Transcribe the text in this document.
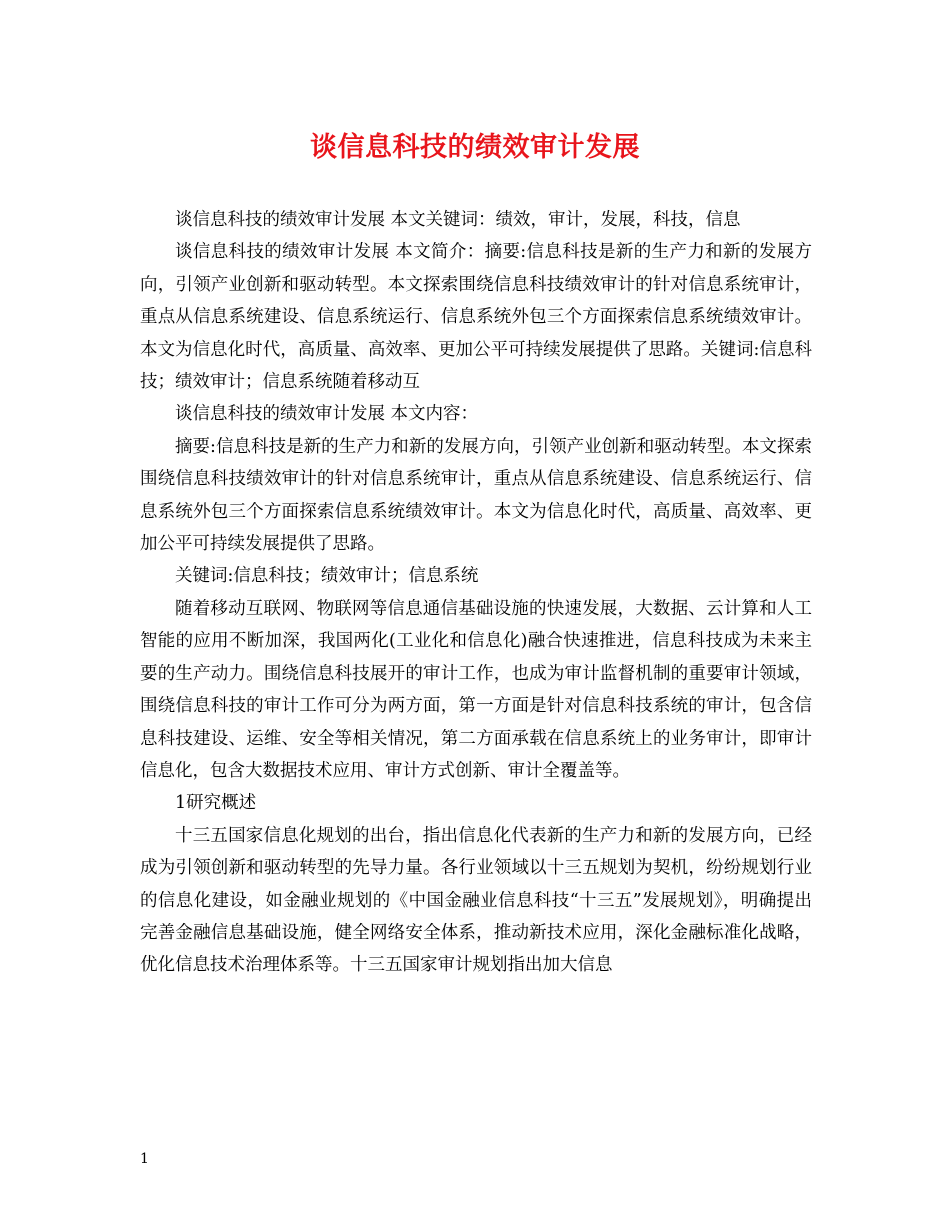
谈信息科技的绩效审计发展

谈信息科技的绩效审计发展 本文关键词：绩效，审计，发展，科技，信息

谈信息科技的绩效审计发展 本文简介：摘要:信息科技是新的生产力和新的发展方向，引领产业创新和驱动转型。本文探索围绕信息科技绩效审计的针对信息系统审计，重点从信息系统建设、信息系统运行、信息系统外包三个方面探索信息系统绩效审计。本文为信息化时代，高质量、高效率、更加公平可持续发展提供了思路。关键词:信息科技；绩效审计；信息系统随着移动互

谈信息科技的绩效审计发展 本文内容：

摘要:信息科技是新的生产力和新的发展方向，引领产业创新和驱动转型。本文探索围绕信息科技绩效审计的针对信息系统审计，重点从信息系统建设、信息系统运行、信息系统外包三个方面探索信息系统绩效审计。本文为信息化时代，高质量、高效率、更加公平可持续发展提供了思路。

关键词:信息科技；绩效审计；信息系统

随着移动互联网、物联网等信息通信基础设施的快速发展，大数据、云计算和人工智能的应用不断加深，我国两化(工业化和信息化)融合快速推进，信息科技成为未来主要的生产动力。围绕信息科技展开的审计工作，也成为审计监督机制的重要审计领域，围绕信息科技的审计工作可分为两方面，第一方面是针对信息科技系统的审计，包含信息科技建设、运维、安全等相关情况，第二方面承载在信息系统上的业务审计，即审计信息化，包含大数据技术应用、审计方式创新、审计全覆盖等。

1研究概述

十三五国家信息化规划的出台，指出信息化代表新的生产力和新的发展方向，已经成为引领创新和驱动转型的先导力量。各行业领域以十三五规划为契机，纷纷规划行业的信息化建设，如金融业规划的《中国金融业信息科技“十三五”发展规划》，明确提出完善金融信息基础设施，健全网络安全体系，推动新技术应用，深化金融标准化战略，优化信息技术治理体系等。十三五国家审计规划指出加大信息

1
